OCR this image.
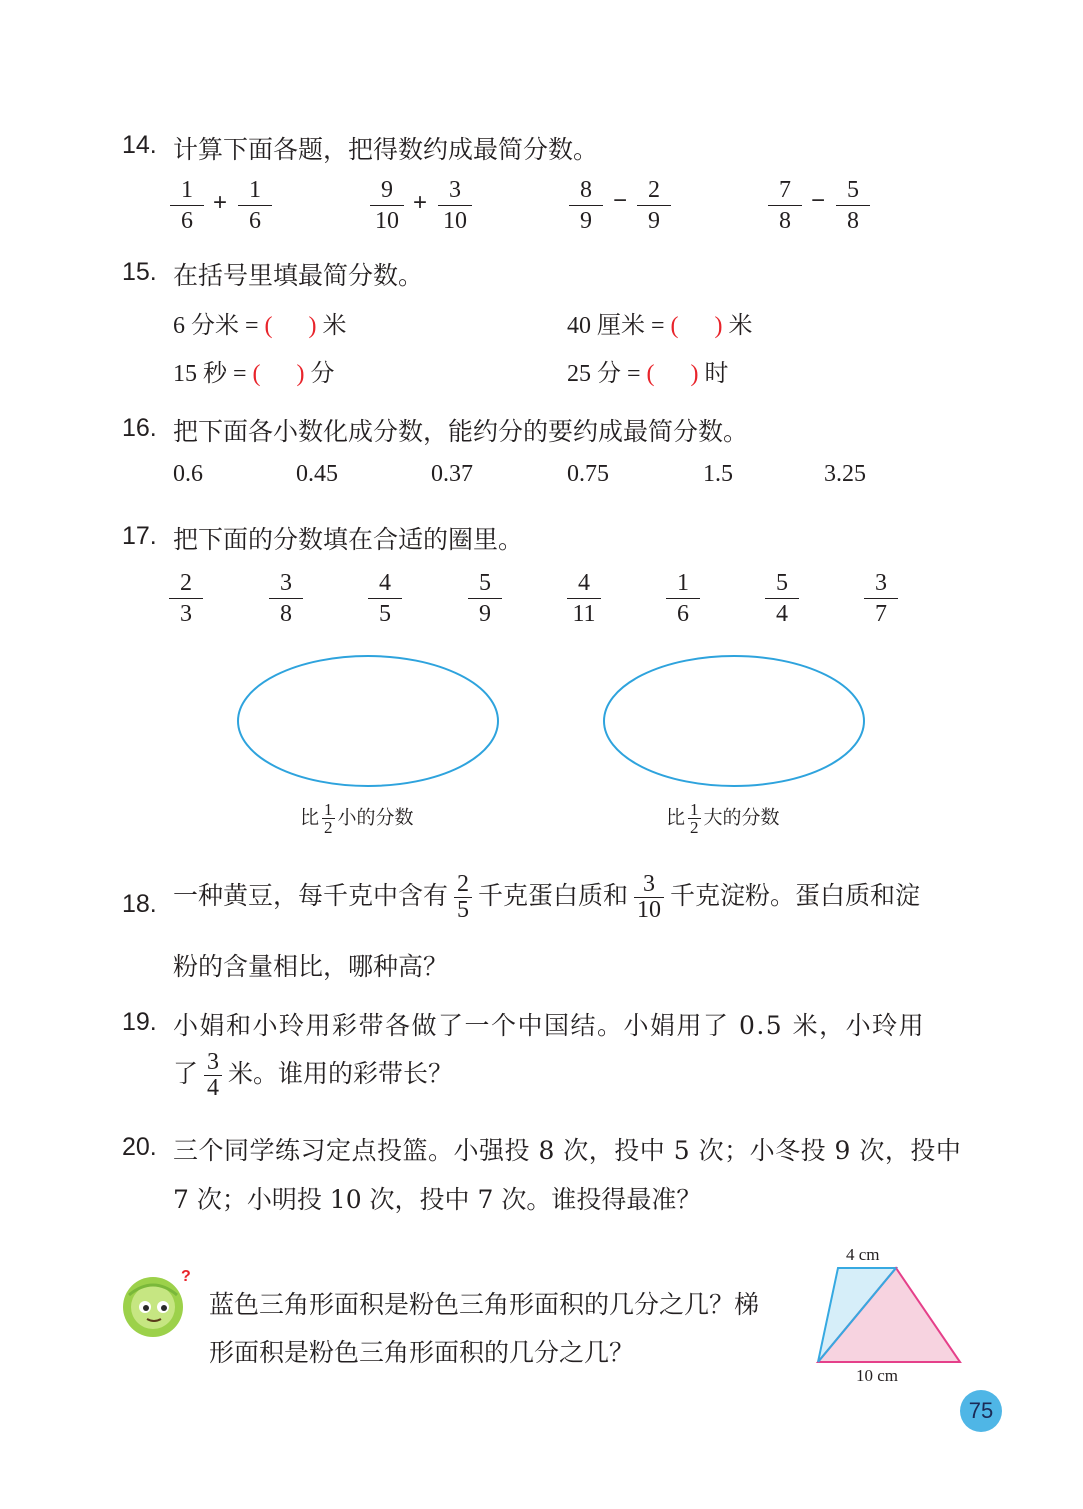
14. 计算下面各题，把得数约成最简分数。
1
6
+ 1
6
9
10
+ 3
10
8
9
− 2
9
7
8
− 5
8
15. 在括号里填最简分数。
6 分米 = ( ) 米	40 厘米 = ( ) 米
15 秒 = ( ) 分	25 分 = ( ) 时
16. 把下面各小数化成分数，能约分的要约成最简分数。
0.6	0.45	0.37	0.75	1.5	3.25
17. 把下面的分数填在合适的圈里。
2
3
3
8
4
5
5
9
4
11
1
6
5
4
3
7
比 $\frac{1}{2}$ 小的分数	比 $\frac{1}{2}$ 大的分数
18. 一种黄豆，每千克中含有 $\frac{2}{5}$ 千克蛋白质和 $\frac{3}{10}$ 千克淀粉。蛋白质和淀
粉的含量相比，哪种高？
19. 小娟和小玲用彩带各做了一个中国结。小娟用了 0.5 米，小玲用
了 $\frac{3}{4}$ 米。谁用的彩带长？
20. 三个同学练习定点投篮。小强投 8 次，投中 5 次；小冬投 9 次，投中
7 次；小明投 10 次，投中 7 次。谁投得最准？
?
蓝色三角形面积是粉色三角形面积的几分之几？梯
形面积是粉色三角形面积的几分之几？
4 cm
10 cm
75
